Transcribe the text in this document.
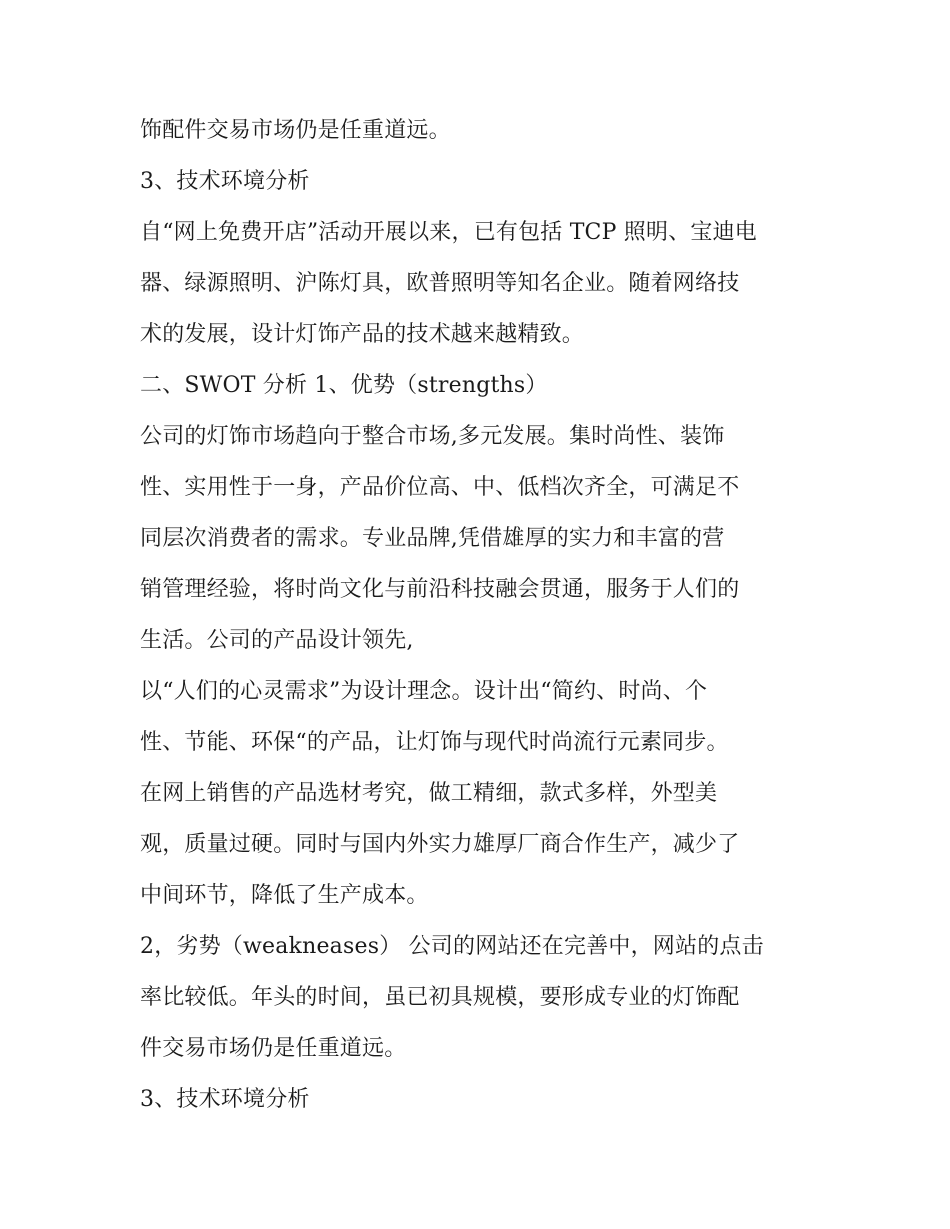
饰配件交易市场仍是任重道远。
3、技术环境分析
自“网上免费开店”活动开展以来，已有包括 TCP 照明、宝迪电
器、绿源照明、沪陈灯具，欧普照明等知名企业。随着网络技
术的发展，设计灯饰产品的技术越来越精致。
二、SWOT 分析 1、优势（strengths）
公司的灯饰市场趋向于整合市场,多元发展。集时尚性、装饰
性、实用性于一身，产品价位高、中、低档次齐全，可满足不
同层次消费者的需求。专业品牌,凭借雄厚的实力和丰富的营
销管理经验，将时尚文化与前沿科技融会贯通，服务于人们的
生活。公司的产品设计领先,
以“人们的心灵需求”为设计理念。设计出“简约、时尚、个
性、节能、环保“的产品，让灯饰与现代时尚流行元素同步。
在网上销售的产品选材考究，做工精细，款式多样，外型美
观，质量过硬。同时与国内外实力雄厚厂商合作生产，减少了
中间环节，降低了生产成本。
2，劣势（weakneases） 公司的网站还在完善中，网站的点击
率比较低。年头的时间，虽已初具规模，要形成专业的灯饰配
件交易市场仍是任重道远。
3、技术环境分析
